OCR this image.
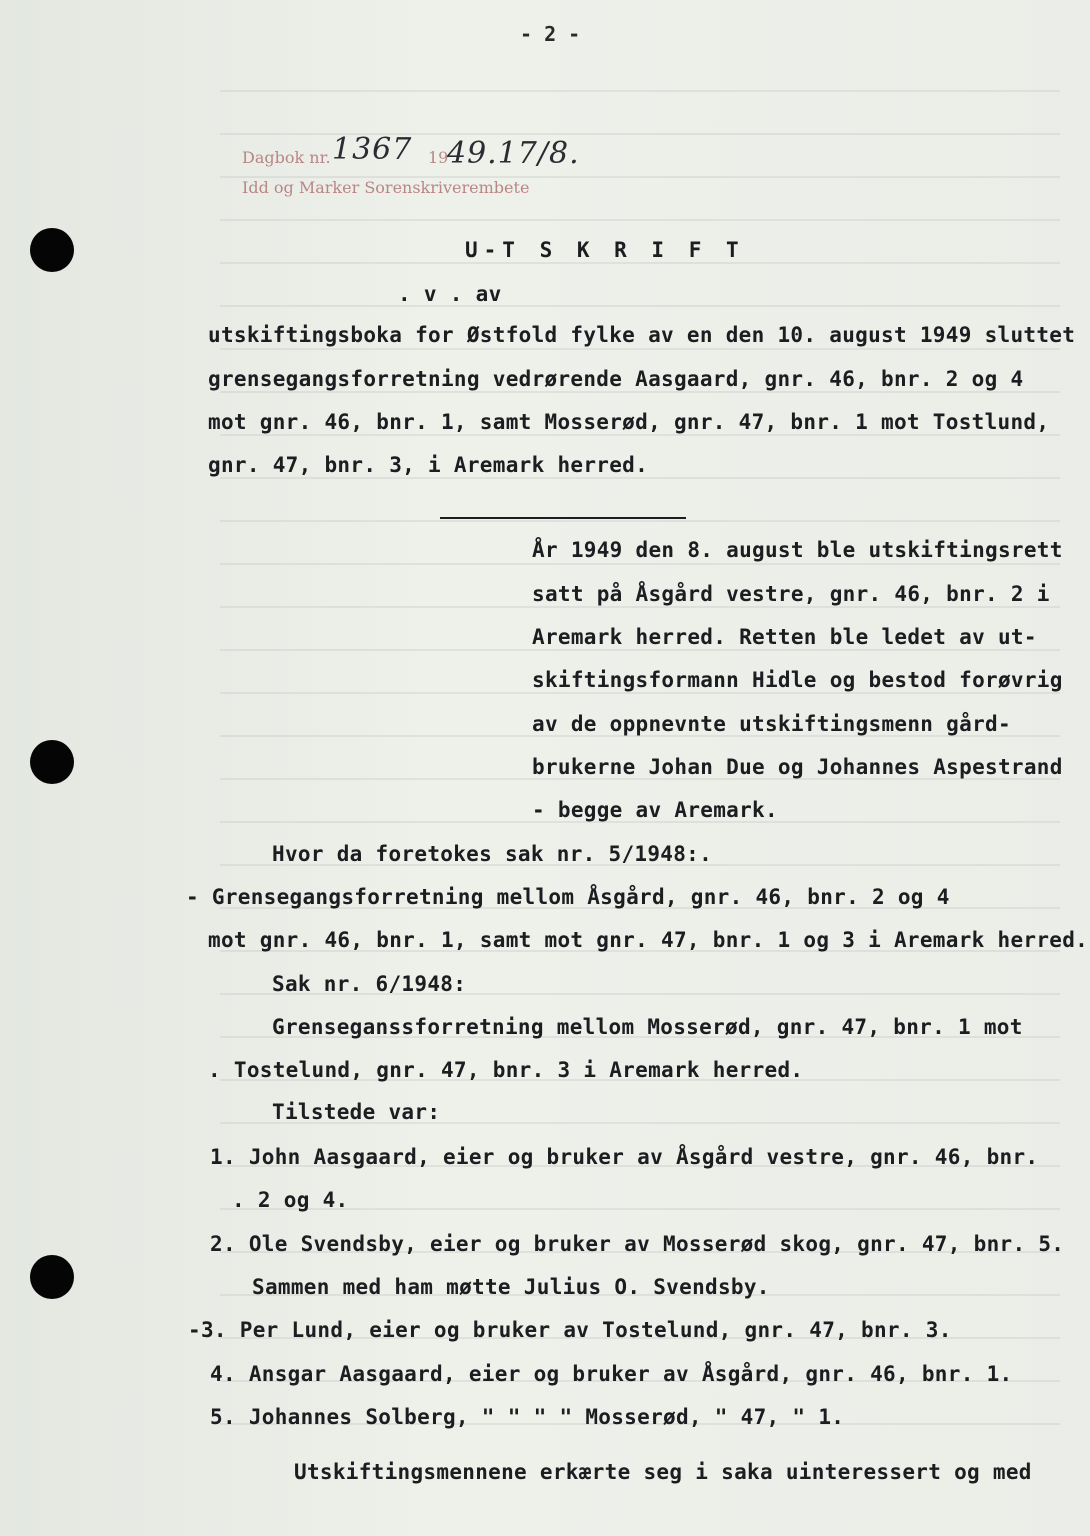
- 2 -
Dagbok nr.	19
Idd og Marker Sorenskriverembete
1367 49.17/8.
U-T S K R I F T
. v . av
utskiftingsboka for Østfold fylke av en den 10. august 1949 sluttet
grensegangsforretning vedrørende Aasgaard, gnr. 46, bnr. 2 og 4
mot gnr. 46, bnr. 1, samt Mosserød, gnr. 47, bnr. 1 mot Tostlund,
gnr. 47, bnr. 3, i Aremark herred.
År 1949 den 8. august ble utskiftingsrett
satt på Åsgård vestre, gnr. 46, bnr. 2 i
Aremark herred. Retten ble ledet av ut-
skiftingsformann Hidle og bestod forøvrig
av de oppnevnte utskiftingsmenn gård-
brukerne Johan Due og Johannes Aspestrand
- begge av Aremark.
Hvor da foretokes sak nr. 5/1948:.
- Grensegangsforretning mellom Åsgård, gnr. 46, bnr. 2 og 4
mot gnr. 46, bnr. 1, samt mot gnr. 47, bnr. 1 og 3 i Aremark herred.
Sak nr. 6/1948:
Grenseganssforretning mellom Mosserød, gnr. 47, bnr. 1 mot
. Tostelund, gnr. 47, bnr. 3 i Aremark herred.
Tilstede var:
1. John Aasgaard, eier og bruker av Åsgård vestre, gnr. 46, bnr.
. 2 og 4.
2. Ole Svendsby, eier og bruker av Mosserød skog, gnr. 47, bnr. 5.
Sammen med ham møtte Julius O. Svendsby.
-3. Per Lund, eier og bruker av Tostelund, gnr. 47, bnr. 3.
4. Ansgar Aasgaard, eier og bruker av Åsgård, gnr. 46, bnr. 1.
5. Johannes Solberg, " " " " Mosserød, " 47, " 1.
Utskiftingsmennene erkærte seg i saka uinteressert og med
